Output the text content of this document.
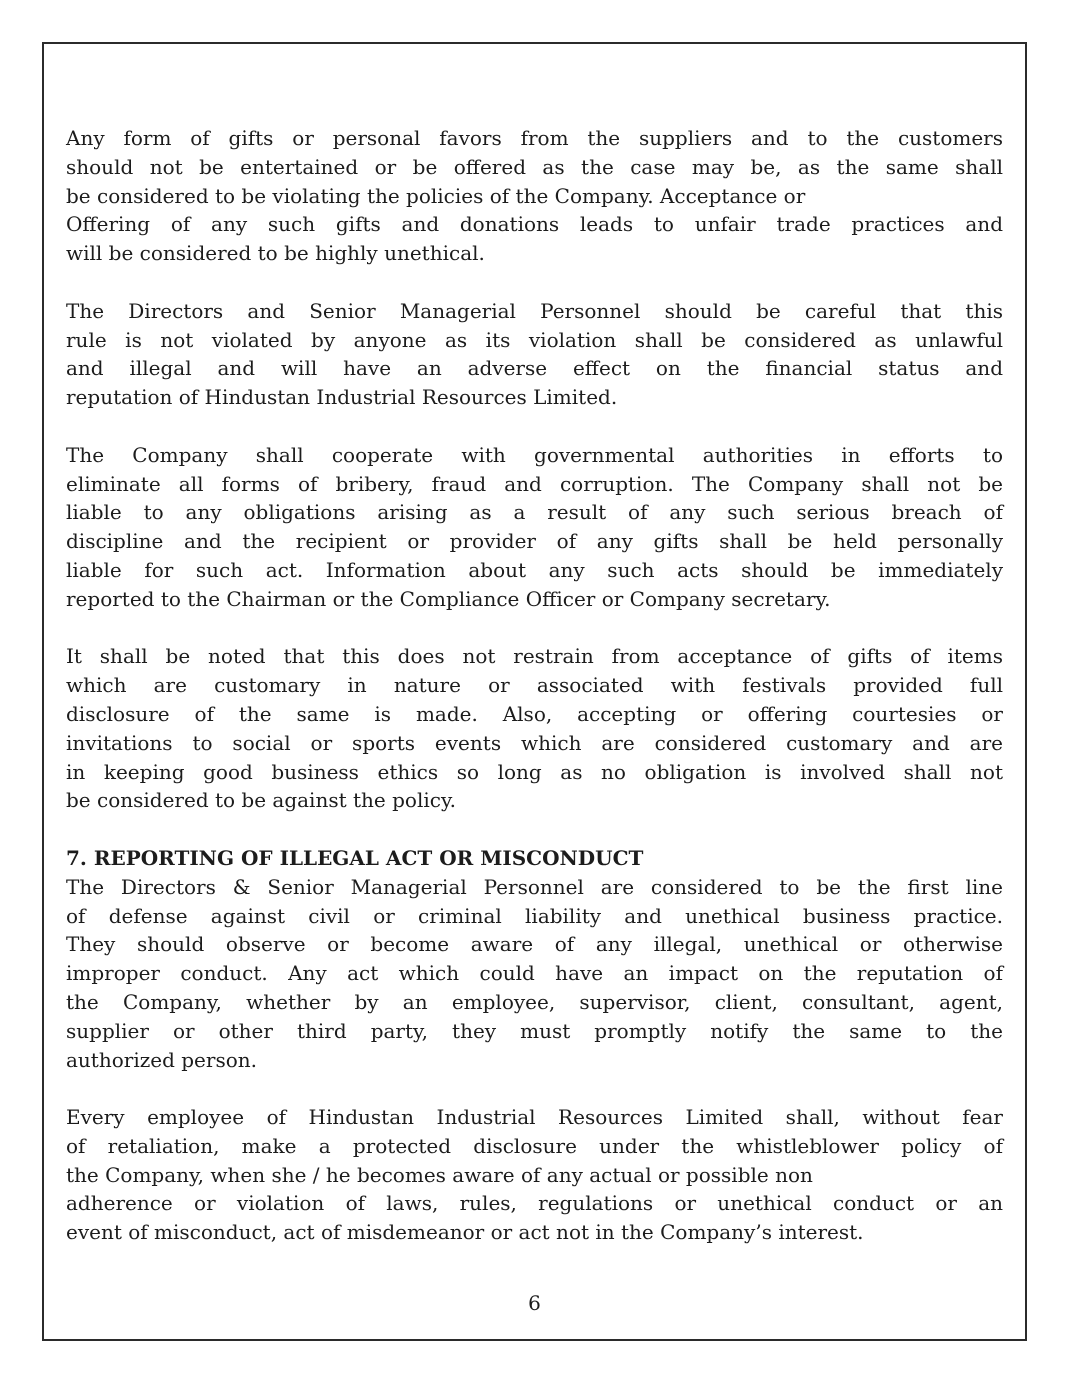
Any form of gifts or personal favors from the suppliers and to the customers
should not be entertained or be offered as the case may be, as the same shall
be considered to be violating the policies of the Company. Acceptance or
Offering of any such gifts and donations leads to unfair trade practices and
will be considered to be highly unethical.
The Directors and Senior Managerial Personnel should be careful that this
rule is not violated by anyone as its violation shall be considered as unlawful
and illegal and will have an adverse effect on the financial status and
reputation of Hindustan Industrial Resources Limited.
The Company shall cooperate with governmental authorities in efforts to
eliminate all forms of bribery, fraud and corruption. The Company shall not be
liable to any obligations arising as a result of any such serious breach of
discipline and the recipient or provider of any gifts shall be held personally
liable for such act. Information about any such acts should be immediately
reported to the Chairman or the Compliance Officer or Company secretary.
It shall be noted that this does not restrain from acceptance of gifts of items
which are customary in nature or associated with festivals provided full
disclosure of the same is made. Also, accepting or offering courtesies or
invitations to social or sports events which are considered customary and are
in keeping good business ethics so long as no obligation is involved shall not
be considered to be against the policy.
7. REPORTING OF ILLEGAL ACT OR MISCONDUCT
The Directors & Senior Managerial Personnel are considered to be the first line
of defense against civil or criminal liability and unethical business practice.
They should observe or become aware of any illegal, unethical or otherwise
improper conduct. Any act which could have an impact on the reputation of
the Company, whether by an employee, supervisor, client, consultant, agent,
supplier or other third party, they must promptly notify the same to the
authorized person.
Every employee of Hindustan Industrial Resources Limited shall, without fear
of retaliation, make a protected disclosure under the whistleblower policy of
the Company, when she / he becomes aware of any actual or possible non
adherence or violation of laws, rules, regulations or unethical conduct or an
event of misconduct, act of misdemeanor or act not in the Company’s interest.
6
